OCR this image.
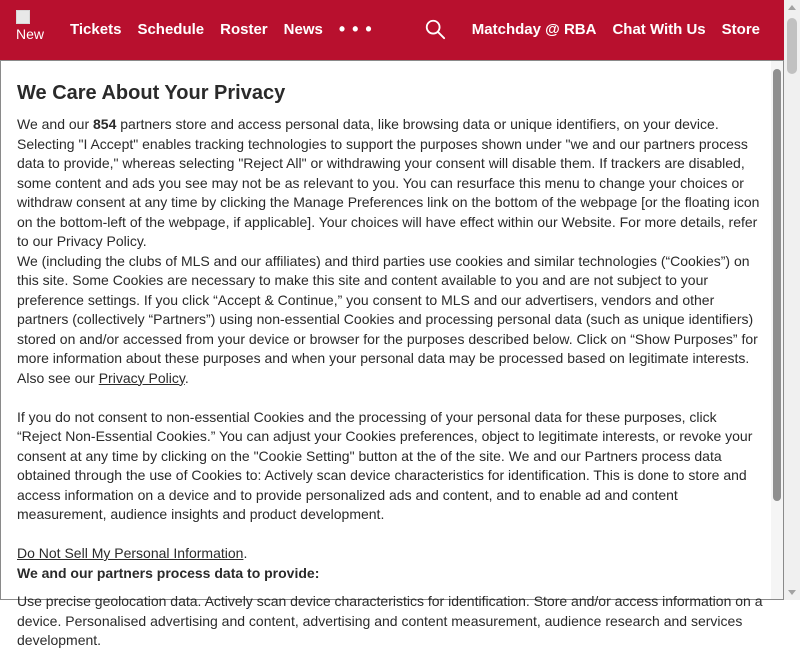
New Tickets Schedule Roster News • • •	Matchday @ RBA Chat With Us Store
We Care About Your Privacy

We and our 854 partners store and access personal data, like browsing data or unique identifiers, on your device. Selecting "I Accept" enables tracking technologies to support the purposes shown under "we and our partners process data to provide," whereas selecting "Reject All" or withdrawing your consent will disable them. If trackers are disabled, some content and ads you see may not be as relevant to you. You can resurface this menu to change your choices or withdraw consent at any time by clicking the Manage Preferences link on the bottom of the webpage [or the floating icon on the bottom-left of the webpage, if applicable]. Your choices will have effect within our Website. For more details, refer to our Privacy Policy.

We (including the clubs of MLS and our affiliates) and third parties use cookies and similar technologies (“Cookies”) on this site. Some Cookies are necessary to make this site and content available to you and are not subject to your preference settings. If you click “Accept & Continue,” you consent to MLS and our advertisers, vendors and other partners (collectively “Partners”) using non-essential Cookies and processing personal data (such as unique identifiers) stored on and/or accessed from your device or browser for the purposes described below. Click on “Show Purposes” for more information about these purposes and when your personal data may be processed based on legitimate interests. Also see our Privacy Policy.

If you do not consent to non-essential Cookies and the processing of your personal data for these purposes, click “Reject Non-Essential Cookies.” You can adjust your Cookies preferences, object to legitimate interests, or revoke your consent at any time by clicking on the "Cookie Setting" button at the of the site. We and our Partners process data obtained through the use of Cookies to: Actively scan device characteristics for identification. This is done to store and access information on a device and to provide personalized ads and content, and to enable ad and content measurement, audience insights and product development.

Do Not Sell My Personal Information.

We and our partners process data to provide:

Use precise geolocation data. Actively scan device characteristics for identification. Store and/or access information on a device. Personalised advertising and content, advertising and content measurement, audience research and services development.
